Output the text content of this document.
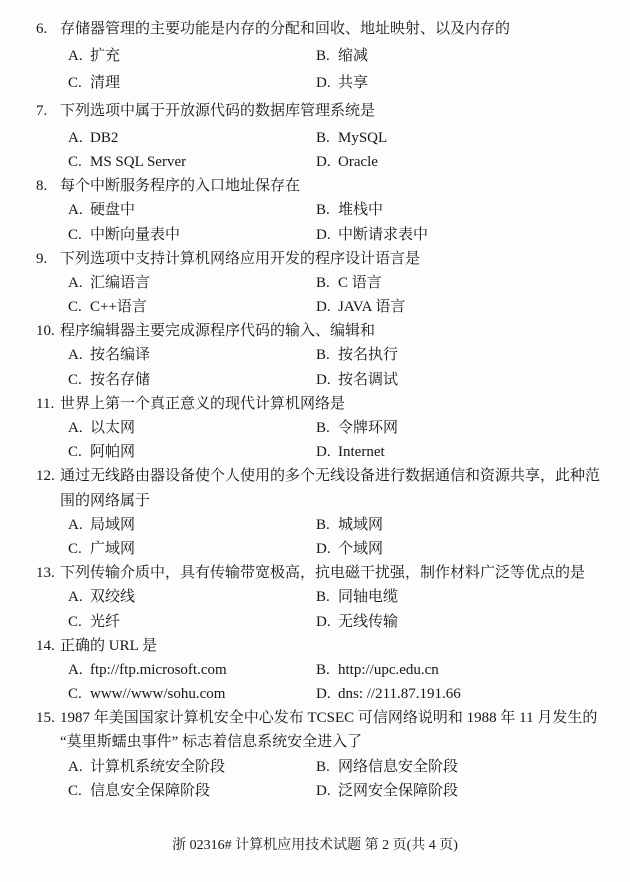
6. 存储器管理的主要功能是内存的分配和回收、地址映射、以及内存的
A. 扩充	B. 缩减
C. 清理	D. 共享
7. 下列选项中属于开放源代码的数据库管理系统是
A. DB2	B. MySQL
C. MS SQL Server	D. Oracle
8. 每个中断服务程序的入口地址保存在
A. 硬盘中	B. 堆栈中
C. 中断向量表中	D. 中断请求表中
9. 下列选项中支持计算机网络应用开发的程序设计语言是
A. 汇编语言	B. C 语言
C. C++语言	D. JAVA 语言
10. 程序编辑器主要完成源程序代码的输入、编辑和
A. 按名编译	B. 按名执行
C. 按名存储	D. 按名调试
11. 世界上第一个真正意义的现代计算机网络是
A. 以太网	B. 令牌环网
C. 阿帕网	D. Internet
12. 通过无线路由器设备使个人使用的多个无线设备进行数据通信和资源共享，此种范
围的网络属于
A. 局域网	B. 城域网
C. 广域网	D. 个域网
13. 下列传输介质中，具有传输带宽极高，抗电磁干扰强，制作材料广泛等优点的是
A. 双绞线	B. 同轴电缆
C. 光纤	D. 无线传输
14. 正确的 URL 是
A. ftp://ftp.microsoft.com	B. http://upc.edu.cn
C. www//www/sohu.com	D. dns: //211.87.191.66
15. 1987 年美国国家计算机安全中心发布 TCSEC 可信网络说明和 1988 年 11 月发生的
“莫里斯蠕虫事件” 标志着信息系统安全进入了
A. 计算机系统安全阶段	B. 网络信息安全阶段
C. 信息安全保障阶段	D. 泛网安全保障阶段
浙 02316# 计算机应用技术试题 第 2 页(共 4 页)
